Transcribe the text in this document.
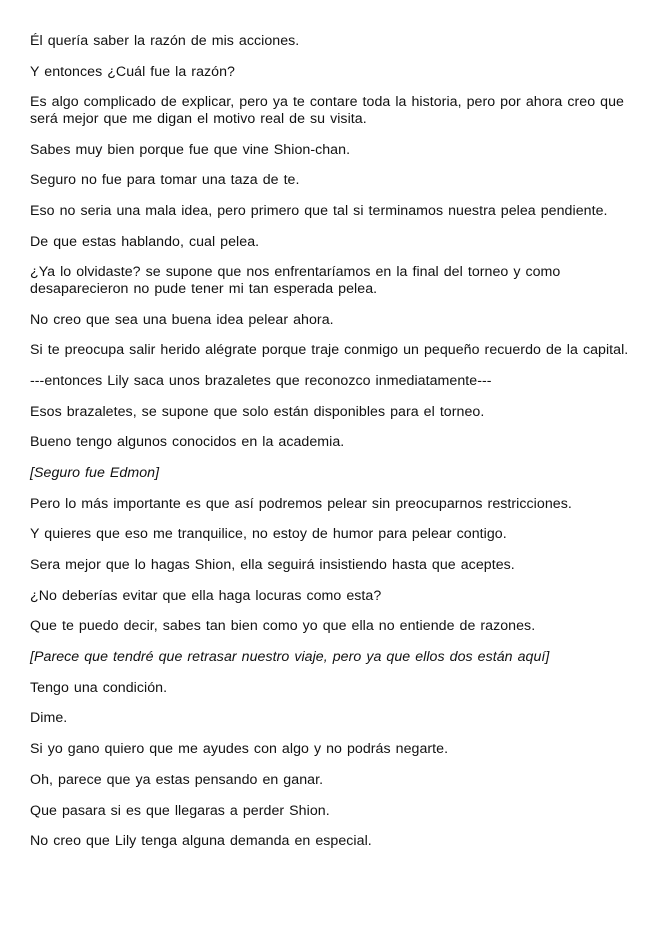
Él quería saber la razón de mis acciones.

Y entonces ¿Cuál fue la razón?

Es algo complicado de explicar, pero ya te contare toda la historia, pero por ahora creo que será mejor que me digan el motivo real de su visita.

Sabes muy bien porque fue que vine Shion-chan.

Seguro no fue para tomar una taza de te.

Eso no seria una mala idea, pero primero que tal si terminamos nuestra pelea pendiente.

De que estas hablando, cual pelea.

¿Ya lo olvidaste? se supone que nos enfrentaríamos en la final del torneo y como desaparecieron no pude tener mi tan esperada pelea.

No creo que sea una buena idea pelear ahora.

Si te preocupa salir herido alégrate porque traje conmigo un pequeño recuerdo de la capital.

---entonces Lily saca unos brazaletes que reconozco inmediatamente---

Esos brazaletes, se supone que solo están disponibles para el torneo.

Bueno tengo algunos conocidos en la academia.

[Seguro fue Edmon]

Pero lo más importante es que así podremos pelear sin preocuparnos restricciones.

Y quieres que eso me tranquilice, no estoy de humor para pelear contigo.

Sera mejor que lo hagas Shion, ella seguirá insistiendo hasta que aceptes.

¿No deberías evitar que ella haga locuras como esta?

Que te puedo decir, sabes tan bien como yo que ella no entiende de razones.

[Parece que tendré que retrasar nuestro viaje, pero ya que ellos dos están aquí]

Tengo una condición.

Dime.

Si yo gano quiero que me ayudes con algo y no podrás negarte.

Oh, parece que ya estas pensando en ganar.

Que pasara si es que llegaras a perder Shion.

No creo que Lily tenga alguna demanda en especial.
